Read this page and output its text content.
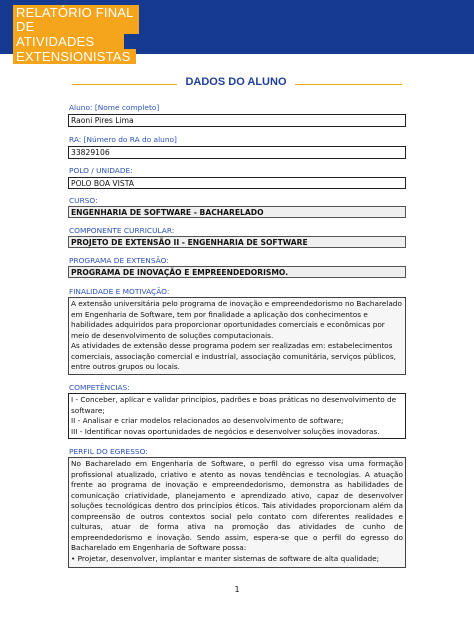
RELATÓRIO FINAL DE
ATIVIDADES
EXTENSIONISTAS
DADOS DO ALUNO
Aluno: [Nome completo]
Raoni Pires Lima
RA: [Número do RA do aluno]
33829106
POLO / UNIDADE:
POLO BOA VISTA
CURSO:
ENGENHARIA DE SOFTWARE - BACHARELADO
COMPONENTE CURRICULAR:
PROJETO DE EXTENSÃO II - ENGENHARIA DE SOFTWARE
PROGRAMA DE EXTENSÃO:
PROGRAMA DE INOVAÇÃO E EMPREENDEDORISMO.
FINALIDADE E MOTIVAÇÃO:

A extensão universitária pelo programa de inovação e empreendedorismo no Bacharelado em Engenharia de Software, tem por finalidade a aplicação dos conhecimentos e habilidades adquiridos para proporcionar oportunidades comerciais e econômicas por meio de desenvolvimento de soluções computacionais.

As atividades de extensão desse programa podem ser realizadas em: estabelecimentos comerciais, associação comercial e industrial, associação comunitária, serviços públicos, entre outros grupos ou locais.

COMPETÊNCIAS:

I - Conceber, aplicar e validar princípios, padrões e boas práticas no desenvolvimento de software;

II - Analisar e criar modelos relacionados ao desenvolvimento de software;

III - Identificar novas oportunidades de negócios e desenvolver soluções inovadoras.

PERFIL DO EGRESSO:

No Bacharelado em Engenharia de Software, o perfil do egresso visa uma formação profissional atualizado, criativo e atento as novas tendências e tecnologias. A atuação frente ao programa de inovação e empreendedorismo, demonstra as habilidades de comunicação criatividade, planejamento e aprendizado ativo, capaz de desenvolver soluções tecnológicas dentro dos princípios éticos. Tais atividades proporcionam além da compreensão de outros contextos social pelo contato com diferentes realidades e culturas, atuar de forma ativa na promoção das atividades de cunho de empreendedorismo e inovação. Sendo assim, espera-se que o perfil do egresso do Bacharelado em Engenharia de Software possa:

• Projetar, desenvolver, implantar e manter sistemas de software de alta qualidade;

1
